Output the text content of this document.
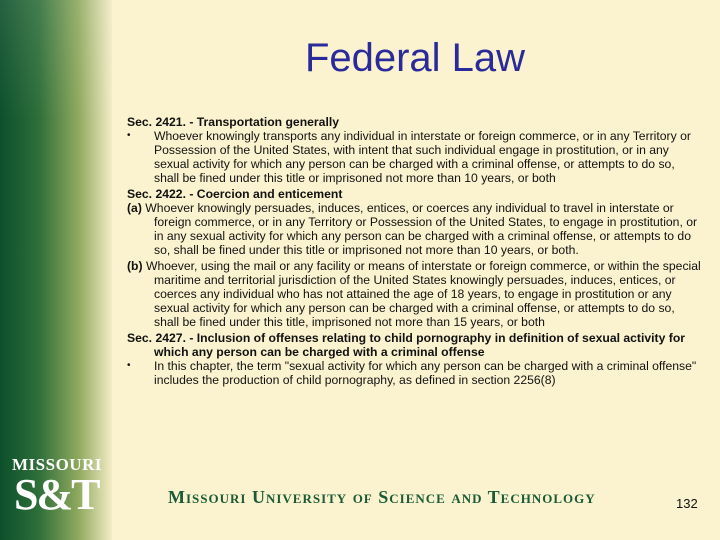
Federal Law

Sec. 2421. - Transportation generally

• Whoever knowingly transports any individual in interstate or foreign commerce, or in any Territory or Possession of the United States, with intent that such individual engage in prostitution, or in any sexual activity for which any person can be charged with a criminal offense, or attempts to do so, shall be fined under this title or imprisoned not more than 10 years, or both

Sec. 2422. - Coercion and enticement

(a) Whoever knowingly persuades, induces, entices, or coerces any individual to travel in interstate or foreign commerce, or in any Territory or Possession of the United States, to engage in prostitution, or in any sexual activity for which any person can be charged with a criminal offense, or attempts to do so, shall be fined under this title or imprisoned not more than 10 years, or both.
(b) Whoever, using the mail or any facility or means of interstate or foreign commerce, or within the special maritime and territorial jurisdiction of the United States knowingly persuades, induces, entices, or coerces any individual who has not attained the age of 18 years, to engage in prostitution or any sexual activity for which any person can be charged with a criminal offense, or attempts to do so, shall be fined under this title, imprisoned not more than 15 years, or both

Sec. 2427. - Inclusion of offenses relating to child pornography in definition of sexual activity for which any person can be charged with a criminal offense

• In this chapter, the term "sexual activity for which any person can be charged with a criminal offense" includes the production of child pornography, as defined in section 2256(8)
MISSOURI
S&T	Missouri University of Science and Technology	132
